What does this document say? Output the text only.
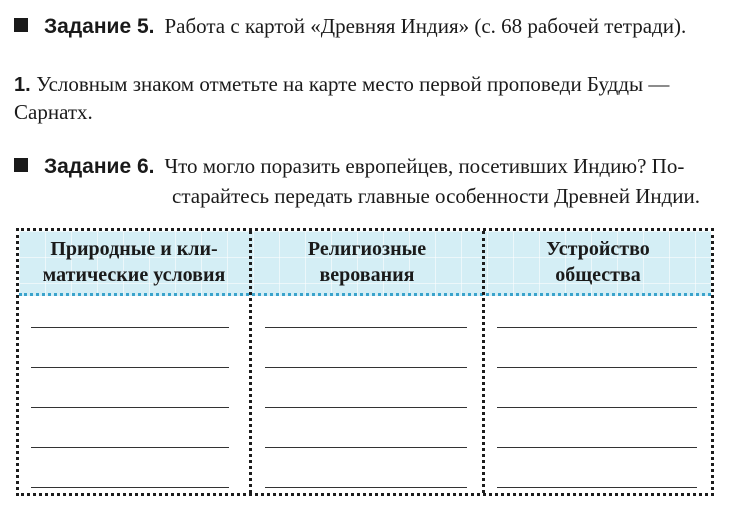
Задание 5. Работа с картой «Древняя Индия» (с. 68 рабочей тетради).
1. Условным знаком отметьте на карте место первой проповеди Будды —
Сарнатх.
Задание 6. Что могло поразить европейцев, посетивших Индию? По-
старайтесь передать главные особенности Древней Индии.
Природные и кли-
матические условия
Религиозные
верования
Устройство
общества
